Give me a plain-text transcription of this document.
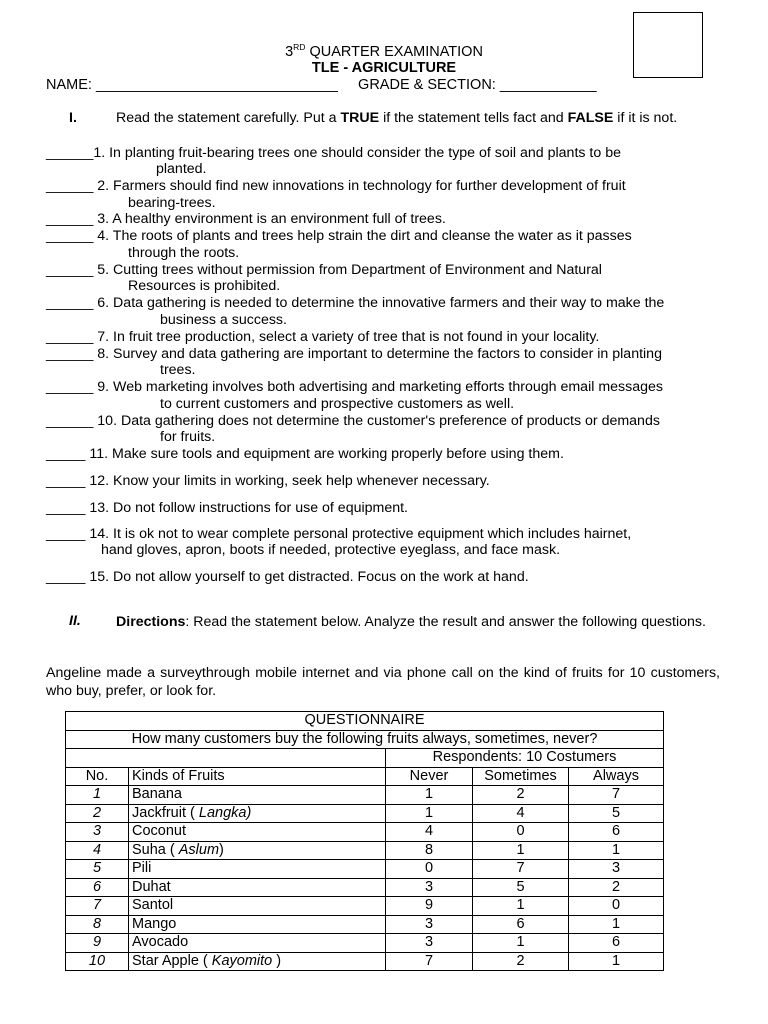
3RD QUARTER EXAMINATION
TLE - AGRICULTURE
NAME: ______________________________ GRADE & SECTION: ____________
I.	Read the statement carefully. Put a TRUE if the statement tells fact and FALSE if it is not.
______1. In planting fruit-bearing trees one should consider the type of soil and plants to be
planted.
______ 2. Farmers should find new innovations in technology for further development of fruit
bearing-trees.
______ 3. A healthy environment is an environment full of trees.
______ 4. The roots of plants and trees help strain the dirt and cleanse the water as it passes
through the roots.
______ 5. Cutting trees without permission from Department of Environment and Natural
Resources is prohibited.
______ 6. Data gathering is needed to determine the innovative farmers and their way to make the
business a success.
______ 7. In fruit tree production, select a variety of tree that is not found in your locality.
______ 8. Survey and data gathering are important to determine the factors to consider in planting
trees.
______ 9. Web marketing involves both advertising and marketing efforts through email messages
to current customers and prospective customers as well.
______ 10. Data gathering does not determine the customer's preference of products or demands
for fruits.
_____ 11. Make sure tools and equipment are working properly before using them.
_____ 12. Know your limits in working, seek help whenever necessary.
_____ 13. Do not follow instructions for use of equipment.
_____ 14. It is ok not to wear complete personal protective equipment which includes hairnet,
hand gloves, apron, boots if needed, protective eyeglass, and face mask.
_____ 15. Do not allow yourself to get distracted. Focus on the work at hand.
II. Directions: Read the statement below. Analyze the result and answer the following questions.
Angeline made a surveythrough mobile internet and via phone call on the kind of fruits for 10 customers, who buy, prefer, or look for.
QUESTIONNAIRE				
How many customers buy the following fruits always, sometimes, never?				
		Respondents: 10 Costumers		
No.	Kinds of Fruits	Never	Sometimes	Always
1	Banana	1	2	7
2	Jackfruit ( Langka)	1	4	5
3	Coconut	4	0	6
4	Suha ( Aslum)	8	1	1
5	Pili	0	7	3
6	Duhat	3	5	2
7	Santol	9	1	0
8	Mango	3	6	1
9	Avocado	3	1	6
10	Star Apple ( Kayomito )	7	2	1
